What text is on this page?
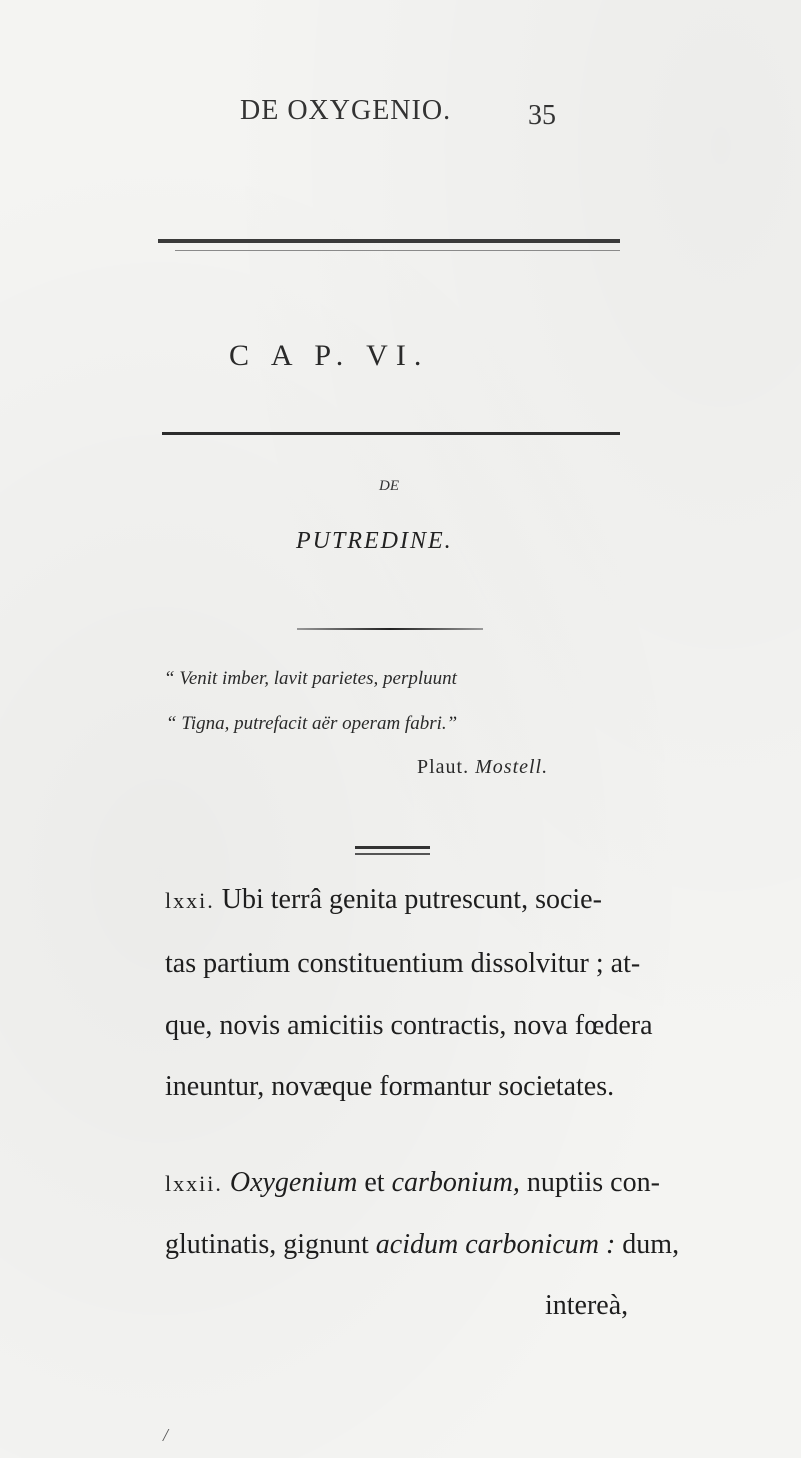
DE OXYGENIO.	35
C A P. VI.
DE
PUTREDINE.
“ Venit imber, lavit parietes, perpluunt
“ Tigna, putrefacit aër operam fabri.”
Plaut. Mostell.
lxxi. Ubi terrâ genita putrescunt, socie-
tas partium constituentium dissolvitur ; at-
que, novis amicitiis contractis, nova fœdera
ineuntur, novæque formantur societates.
lxxii. Oxygenium et carbonium, nuptiis con-
glutinatis, gignunt acidum carbonicum : dum,
intereà,
/
